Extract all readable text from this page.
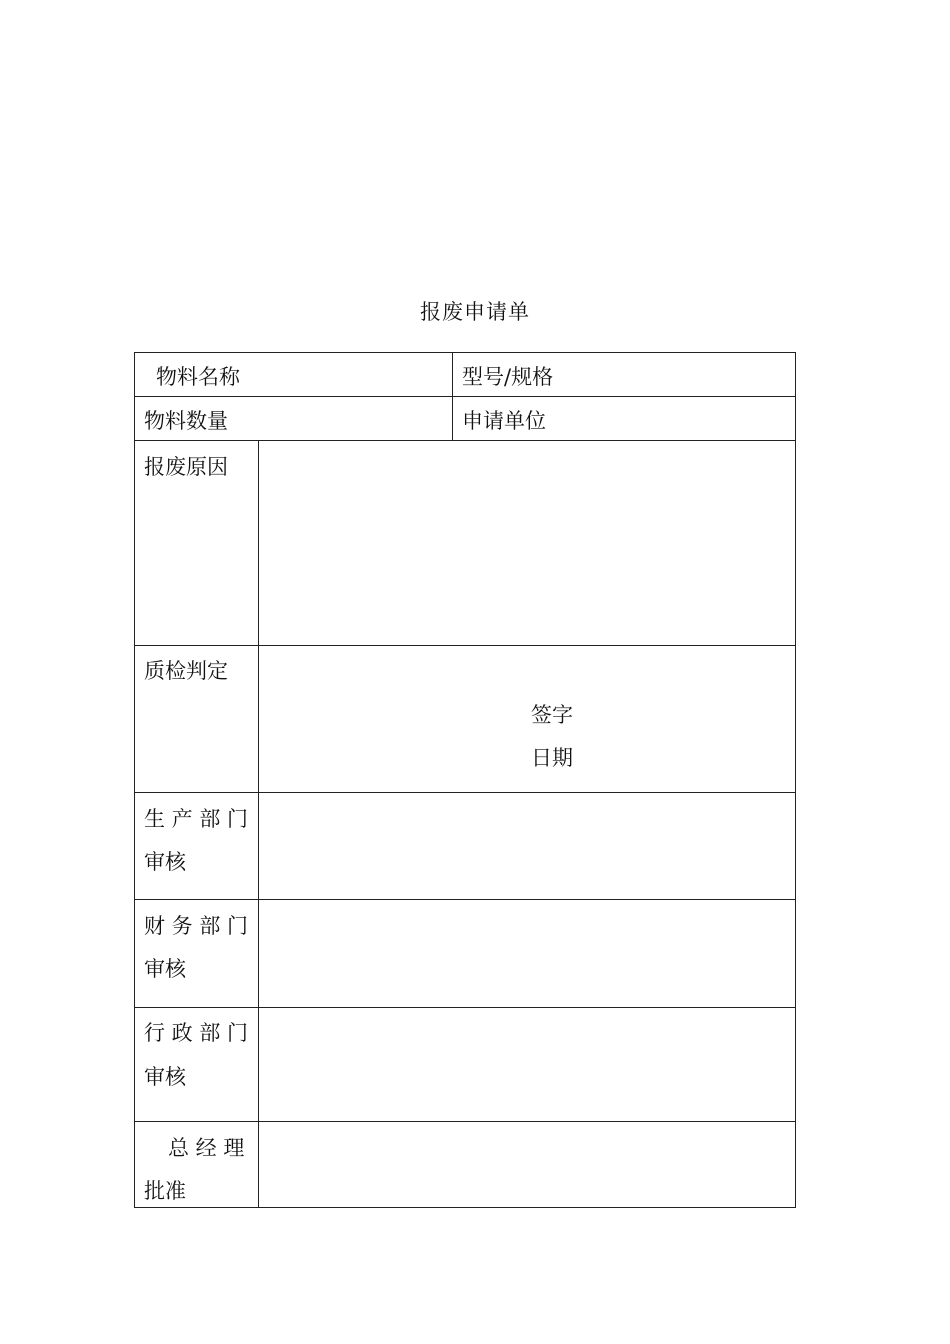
报废申请单
物料名称	型号/规格
物料数量	申请单位
报废原因
质检判定
签字
日期
生 产 部 门
审核
财 务 部 门
审核
行 政 部 门
审核
总 经 理
批准
